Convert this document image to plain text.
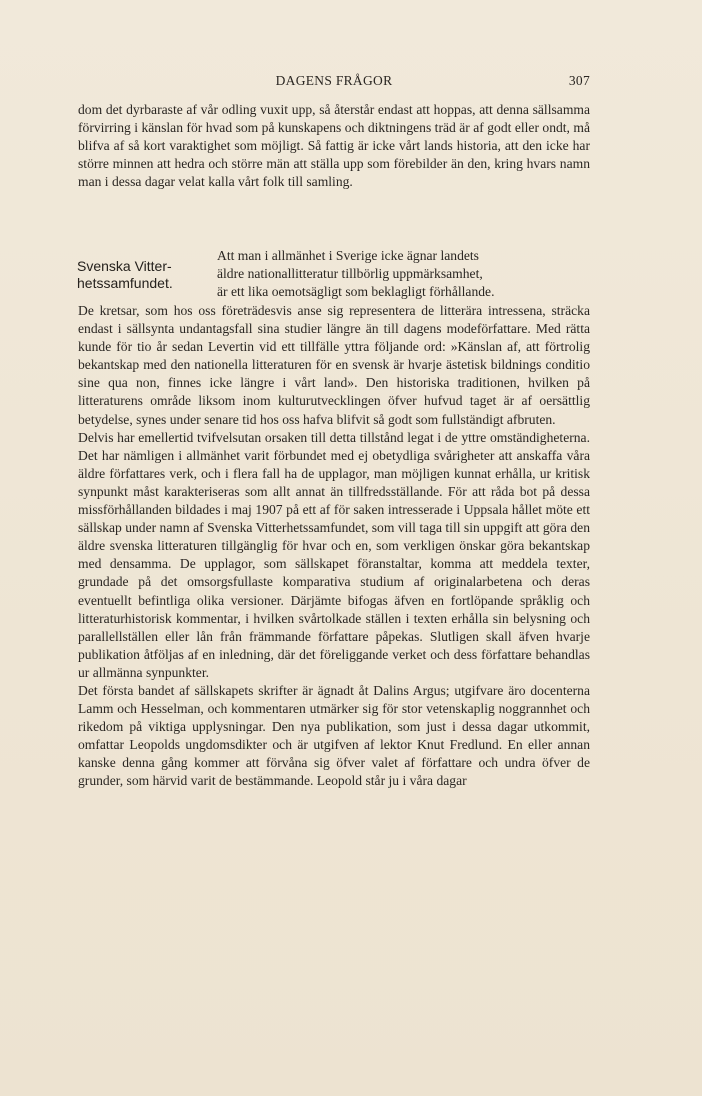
DAGENS FRÅGOR	307

dom det dyrbaraste af vår odling vuxit upp, så återstår endast att hoppas, att denna sällsamma förvirring i känslan för hvad som på kunskapens och diktningens träd är af godt eller ondt, må blifva af så kort varaktighet som möjligt. Så fattig är icke vårt lands historia, att den icke har större minnen att hedra och större män att ställa upp som förebilder än den, kring hvars namn man i dessa dagar velat kalla vårt folk till samling.

Svenska Vitter-
hetssamfundet.
Att man i allmänhet i Sverige icke ägnar landets
äldre nationallitteratur tillbörlig uppmärksamhet,
är ett lika oemotsägligt som beklagligt förhållande.

De kretsar, som hos oss företrädesvis anse sig representera de litterära intressena, sträcka endast i sällsynta undantagsfall sina studier längre än till dagens modeförfattare. Med rätta kunde för tio år sedan Levertin vid ett tillfälle yttra följande ord: »Känslan af, att förtrolig bekantskap med den nationella litteraturen för en svensk är hvarje ästetisk bildnings conditio sine qua non, finnes icke längre i vårt land». Den historiska traditionen, hvilken på litteraturens område liksom inom kulturutvecklingen öfver hufvud taget är af oersättlig betydelse, synes under senare tid hos oss hafva blifvit så godt som fullständigt afbruten.

Delvis har emellertid tvifvelsutan orsaken till detta tillstånd legat i de yttre omständigheterna. Det har nämligen i allmänhet varit förbundet med ej obetydliga svårigheter att anskaffa våra äldre författares verk, och i flera fall ha de upplagor, man möjligen kunnat erhålla, ur kritisk synpunkt måst karakteriseras som allt annat än tillfredsställande. För att råda bot på dessa missförhållanden bildades i maj 1907 på ett af för saken intresserade i Uppsala hållet möte ett sällskap under namn af Svenska Vitterhetssamfundet, som vill taga till sin uppgift att göra den äldre svenska litteraturen tillgänglig för hvar och en, som verkligen önskar göra bekantskap med densamma. De upplagor, som sällskapet föranstaltar, komma att meddela texter, grundade på det omsorgsfullaste komparativa studium af originalarbetena och deras eventuellt befintliga olika versioner. Därjämte bifogas äfven en fortlöpande språklig och litteraturhistorisk kommentar, i hvilken svårtolkade ställen i texten erhålla sin belysning och parallellställen eller lån från främmande författare påpekas. Slutligen skall äfven hvarje publikation åtföljas af en inledning, där det föreliggande verket och dess författare behandlas ur allmänna synpunkter.

Det första bandet af sällskapets skrifter är ägnadt åt Dalins Argus; utgifvare äro docenterna Lamm och Hesselman, och kommentaren utmärker sig för stor vetenskaplig noggrannhet och rikedom på viktiga upplysningar. Den nya publikation, som just i dessa dagar utkommit, omfattar Leopolds ungdomsdikter och är utgifven af lektor Knut Fredlund. En eller annan kanske denna gång kommer att förvåna sig öfver valet af författare och undra öfver de grunder, som härvid varit de bestämmande. Leopold står ju i våra dagar
